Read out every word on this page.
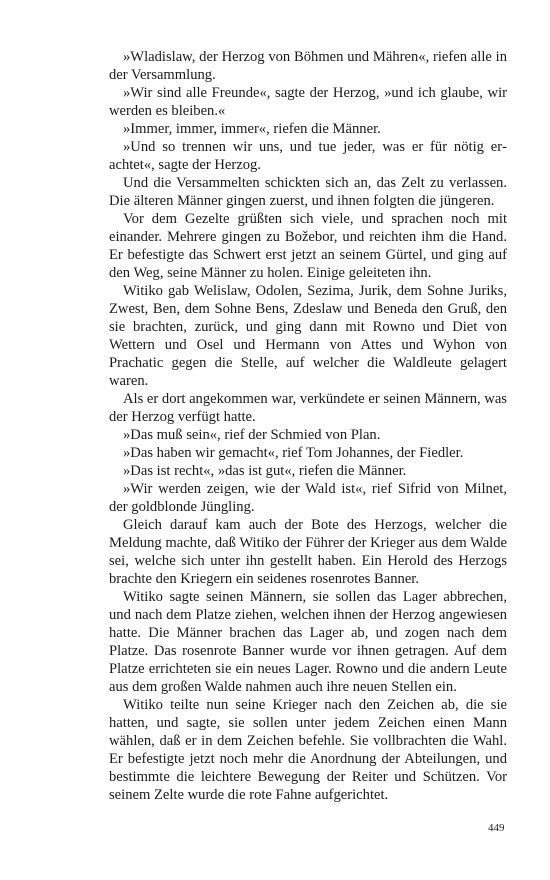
»Wladislaw, der Herzog von Böhmen und Mähren«, riefen alle in der Versammlung.

»Wir sind alle Freunde«, sagte der Herzog, »und ich glaube, wir werden es bleiben.«

»Immer, immer, immer«, riefen die Männer.

»Und so trennen wir uns, und tue jeder, was er für nötig erachtet«, sagte der Herzog.

Und die Versammelten schickten sich an, das Zelt zu verlassen. Die älteren Männer gingen zuerst, und ihnen folgten die jüngeren.

Vor dem Gezelte grüßten sich viele, und sprachen noch mit einander. Mehrere gingen zu Božebor, und reichten ihm die Hand. Er befestigte das Schwert erst jetzt an seinem Gürtel, und ging auf den Weg, seine Männer zu holen. Einige geleiteten ihn.

Witiko gab Welislaw, Odolen, Sezima, Jurik, dem Sohne Juriks, Zwest, Ben, dem Sohne Bens, Zdeslaw und Beneda den Gruß, den sie brachten, zurück, und ging dann mit Rowno und Diet von Wettern und Osel und Hermann von Attes und Wyhon von Prachatic gegen die Stelle, auf welcher die Waldleute gelagert waren.

Als er dort angekommen war, verkündete er seinen Männern, was der Herzog verfügt hatte.

»Das muß sein«, rief der Schmied von Plan.

»Das haben wir gemacht«, rief Tom Johannes, der Fiedler.

»Das ist recht«, »das ist gut«, riefen die Männer.

»Wir werden zeigen, wie der Wald ist«, rief Sifrid von Milnet, der goldblonde Jüngling.

Gleich darauf kam auch der Bote des Herzogs, welcher die Meldung machte, daß Witiko der Führer der Krieger aus dem Walde sei, welche sich unter ihn gestellt haben. Ein Herold des Herzogs brachte den Kriegern ein seidenes rosenrotes Banner.

Witiko sagte seinen Männern, sie sollen das Lager abbrechen, und nach dem Platze ziehen, welchen ihnen der Herzog angewiesen hatte. Die Männer brachen das Lager ab, und zogen nach dem Platze. Das rosenrote Banner wurde vor ihnen getragen. Auf dem Platze errichteten sie ein neues Lager. Rowno und die andern Leute aus dem großen Walde nahmen auch ihre neuen Stellen ein.

Witiko teilte nun seine Krieger nach den Zeichen ab, die sie hatten, und sagte, sie sollen unter jedem Zeichen einen Mann wählen, daß er in dem Zeichen befehle. Sie vollbrachten die Wahl. Er befestigte jetzt noch mehr die Anordnung der Abteilungen, und bestimmte die leichtere Bewegung der Reiter und Schützen. Vor seinem Zelte wurde die rote Fahne aufgerichtet.

449
